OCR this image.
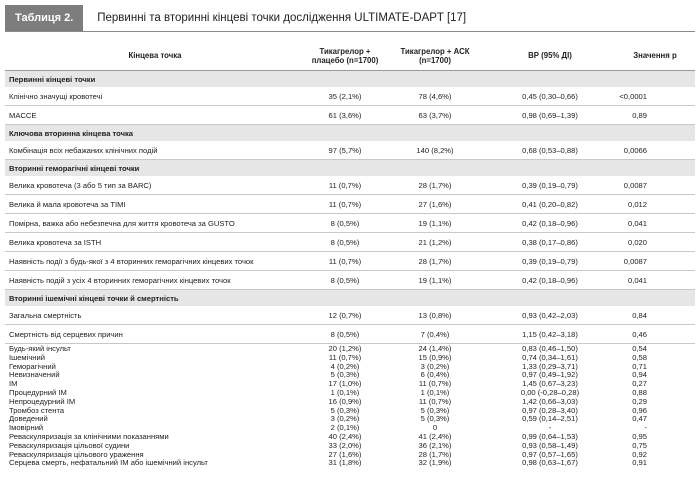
Таблиця 2.	Первинні та вторинні кінцеві точки дослідження ULTIMATE-DAPT [17]
Кінцева точка	Тикагрелор + плацебо (n=1700)	Тикагрелор + АСК (n=1700)	ВР (95% ДІ)	Значення р
Первинні кінцеві точки				
Клінічно значущі кровотечі	35 (2,1%)	78 (4,6%)	0,45 (0,30–0,66)	<0,0001
MACCE	61 (3,6%)	63 (3,7%)	0,98 (0,69–1,39)	0,89
Ключова вторинна кінцева точка				
Комбінація всіх небажаних клінічних подій	97 (5,7%)	140 (8,2%)	0,68 (0,53–0,88)	0,0066
Вторинні геморагічні кінцеві точки				
Велика кровотеча (3 або 5 тип за BARC)	11 (0,7%)	28 (1,7%)	0,39 (0,19–0,79)	0,0087
Велика й мала кровотеча за TIMI	11 (0,7%)	27 (1,6%)	0,41 (0,20–0,82)	0,012
Помірна, важка або небезпечна для життя кровотеча за GUSTO	8 (0,5%)	19 (1,1%)	0,42 (0,18–0,96)	0,041
Велика кровотеча за ISTH	8 (0,5%)	21 (1,2%)	0,38 (0,17–0,86)	0,020
Наявність події з будь-якої з 4 вторинних геморагічних кінцевих точок	11 (0,7%)	28 (1,7%)	0,39 (0,19–0,79)	0,0087
Наявність подій з усіх 4 вторинних геморагічних кінцевих точок	8 (0,5%)	19 (1,1%)	0,42 (0,18–0,96)	0,041
Вторинні ішемічні кінцеві точки й смертність				
Загальна смертність	12 (0,7%)	13 (0,8%)	0,93 (0,42–2,03)	0,84
Смертність від серцевих причин	8 (0,5%)	7 (0,4%)	1,15 (0,42–3,18)	0,46
Будь-який інсульт	20 (1,2%)	24 (1,4%)	0,83 (0,46–1,50)	0,54
Ішемічний	11 (0,7%)	15 (0,9%)	0,74 (0,34–1,61)	0,58
Геморагічний	4 (0,2%)	3 (0,2%)	1,33 (0,29–3,71)	0,71
Невизначений	5 (0,3%)	6 (0,4%)	0,97 (0,49–1,92)	0,94
ІМ	17 (1,0%)	11 (0,7%)	1,45 (0,67–3,23)	0,27
Процедурний ІМ	1 (0,1%)	1 (0,1%)	0,00 (-0,28–0,28)	0,88
Непроцедурний ІМ	16 (0,9%)	11 (0,7%)	1,42 (0,66–3,03)	0,29
Тромбоз стента	5 (0,3%)	5 (0,3%)	0,97 (0,28–3,40)	0,96
Доведений	3 (0,2%)	5 (0,3%)	0,59 (0,14–2,51)	0,47
Імовірний	2 (0,1%)	0	-	-
Реваскуляризація за клінічними показаннями	40 (2,4%)	41 (2,4%)	0,99 (0,64–1,53)	0,95
Реваскуляризація цільової судини	33 (2,0%)	36 (2,1%)	0,93 (0,58–1,49)	0,75
Реваскуляризація цільового ураження	27 (1,6%)	28 (1,7%)	0,97 (0,57–1,65)	0,92
Серцева смерть, нефатальний ІМ або ішемічний інсульт	31 (1,8%)	32 (1,9%)	0,98 (0,63–1,67)	0,91
